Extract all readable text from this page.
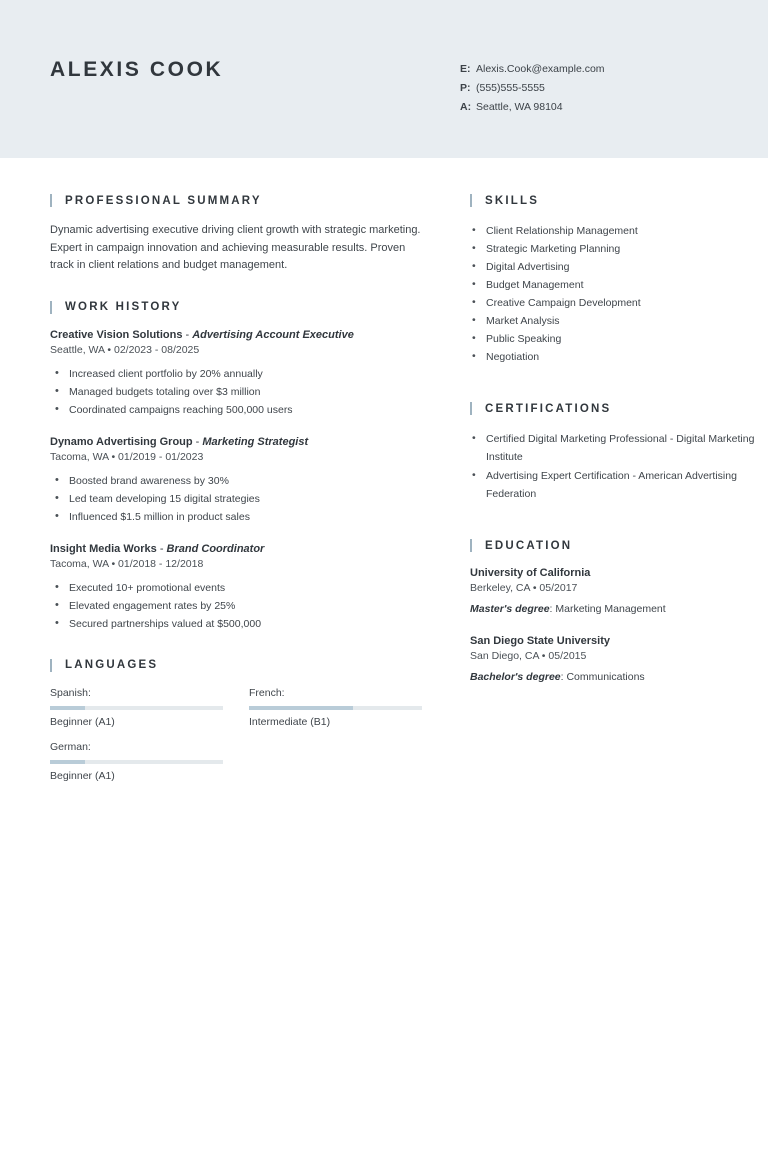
ALEXIS COOK	E: Alexis.Cook@example.com
P: (555)555-5555
A: Seattle, WA 98104
PROFESSIONAL SUMMARY

Dynamic advertising executive driving client growth with strategic marketing. Expert in campaign innovation and achieving measurable results. Proven track in client relations and budget management.

WORK HISTORY
Creative Vision Solutions - Advertising Account Executive
Seattle, WA • 02/2023 - 08/2025
• Increased client portfolio by 20% annually
• Managed budgets totaling over $3 million
• Coordinated campaigns reaching 500,000 users
Dynamo Advertising Group - Marketing Strategist
Tacoma, WA • 01/2019 - 01/2023
• Boosted brand awareness by 30%
• Led team developing 15 digital strategies
• Influenced $1.5 million in product sales
Insight Media Works - Brand Coordinator
Tacoma, WA • 01/2018 - 12/2018
• Executed 10+ promotional events
• Elevated engagement rates by 25%
• Secured partnerships valued at $500,000
LANGUAGES
Spanish:
Beginner (A1)
French:
Intermediate (B1)
German:
Beginner (A1)
SKILLS
• Client Relationship Management
• Strategic Marketing Planning
• Digital Advertising
• Budget Management
• Creative Campaign Development
• Market Analysis
• Public Speaking
• Negotiation
CERTIFICATIONS
• Certified Digital Marketing Professional - Digital Marketing Institute
• Advertising Expert Certification - American Advertising Federation
EDUCATION
University of California
Berkeley, CA • 05/2017
Master's degree: Marketing Management
San Diego State University
San Diego, CA • 05/2015
Bachelor's degree: Communications
